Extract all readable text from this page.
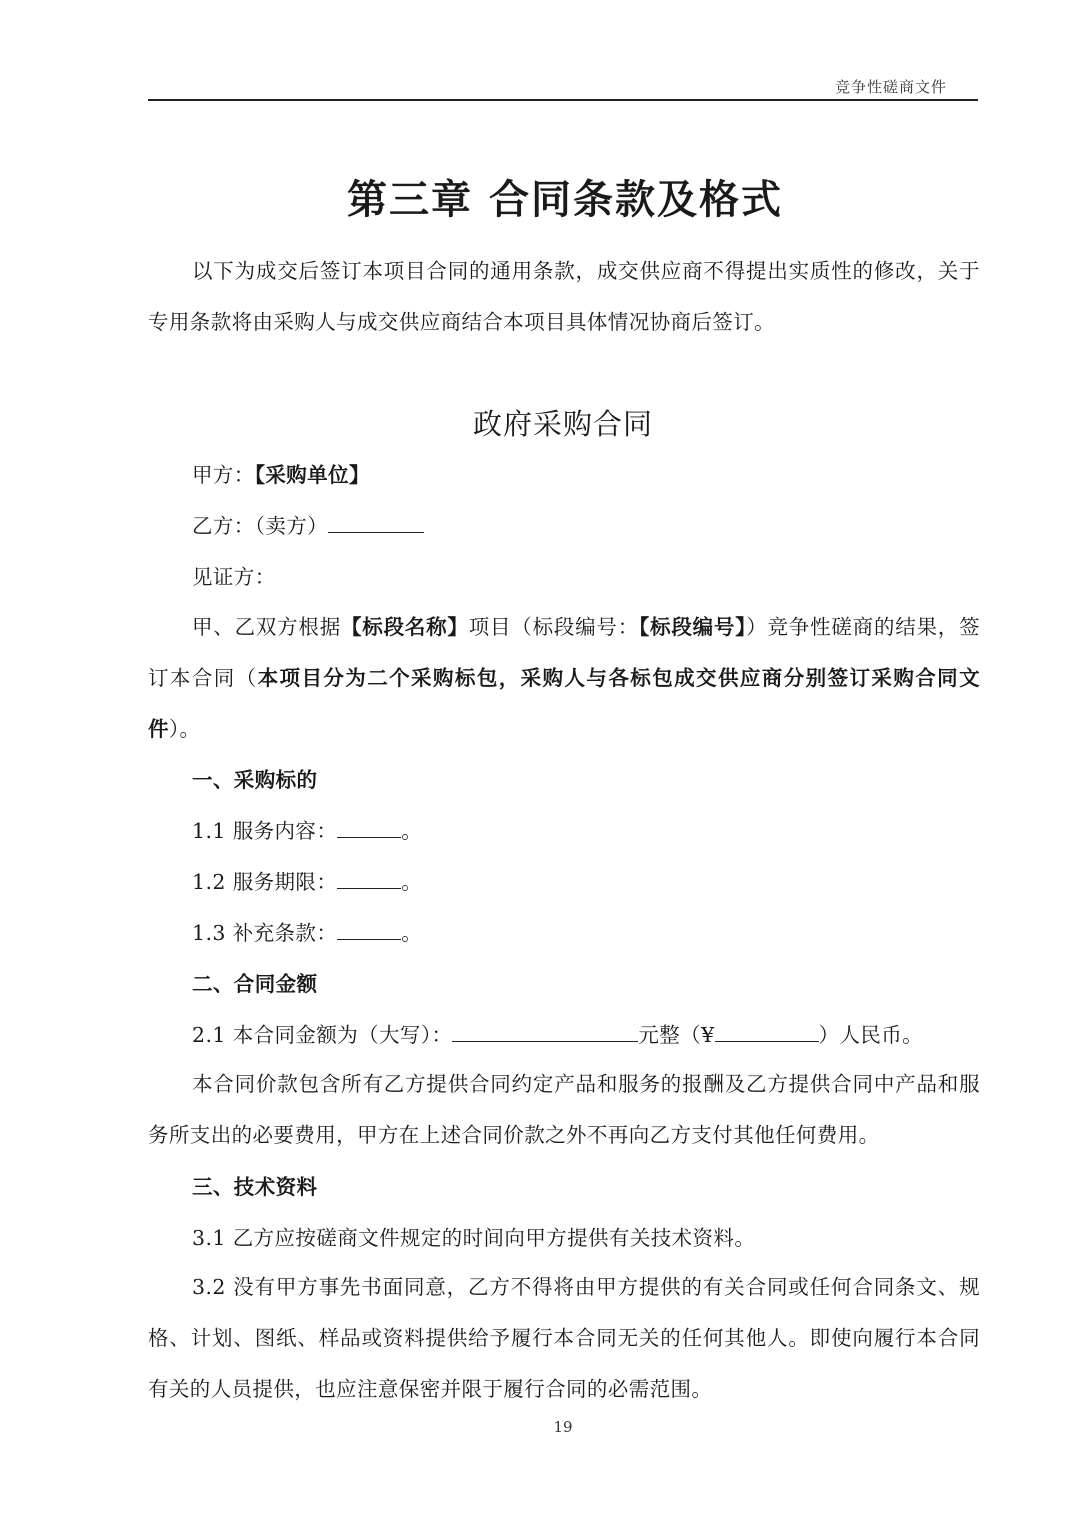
竞争性磋商文件
第三章 合同条款及格式
以下为成交后签订本项目合同的通用条款，成交供应商不得提出实质性的修改，关于专用条款将由采购人与成交供应商结合本项目具体情况协商后签订。
政府采购合同
甲方：【采购单位】
乙方：（卖方）
见证方：
甲、乙双方根据【标段名称】项目（标段编号：【标段编号】）竞争性磋商的结果，签订本合同（本项目分为二个采购标包，采购人与各标包成交供应商分别签订采购合同文件）。
一、采购标的
1.1 服务内容：	。
1.2 服务期限：	。
1.3 补充条款：	。
二、合同金额
2.1 本合同金额为（大写）：	元整（¥	）人民币。
本合同价款包含所有乙方提供合同约定产品和服务的报酬及乙方提供合同中产品和服务所支出的必要费用，甲方在上述合同价款之外不再向乙方支付其他任何费用。
三、技术资料
3.1 乙方应按磋商文件规定的时间向甲方提供有关技术资料。
3.2 没有甲方事先书面同意，乙方不得将由甲方提供的有关合同或任何合同条文、规格、计划、图纸、样品或资料提供给予履行本合同无关的任何其他人。即使向履行本合同有关的人员提供，也应注意保密并限于履行合同的必需范围。
19
